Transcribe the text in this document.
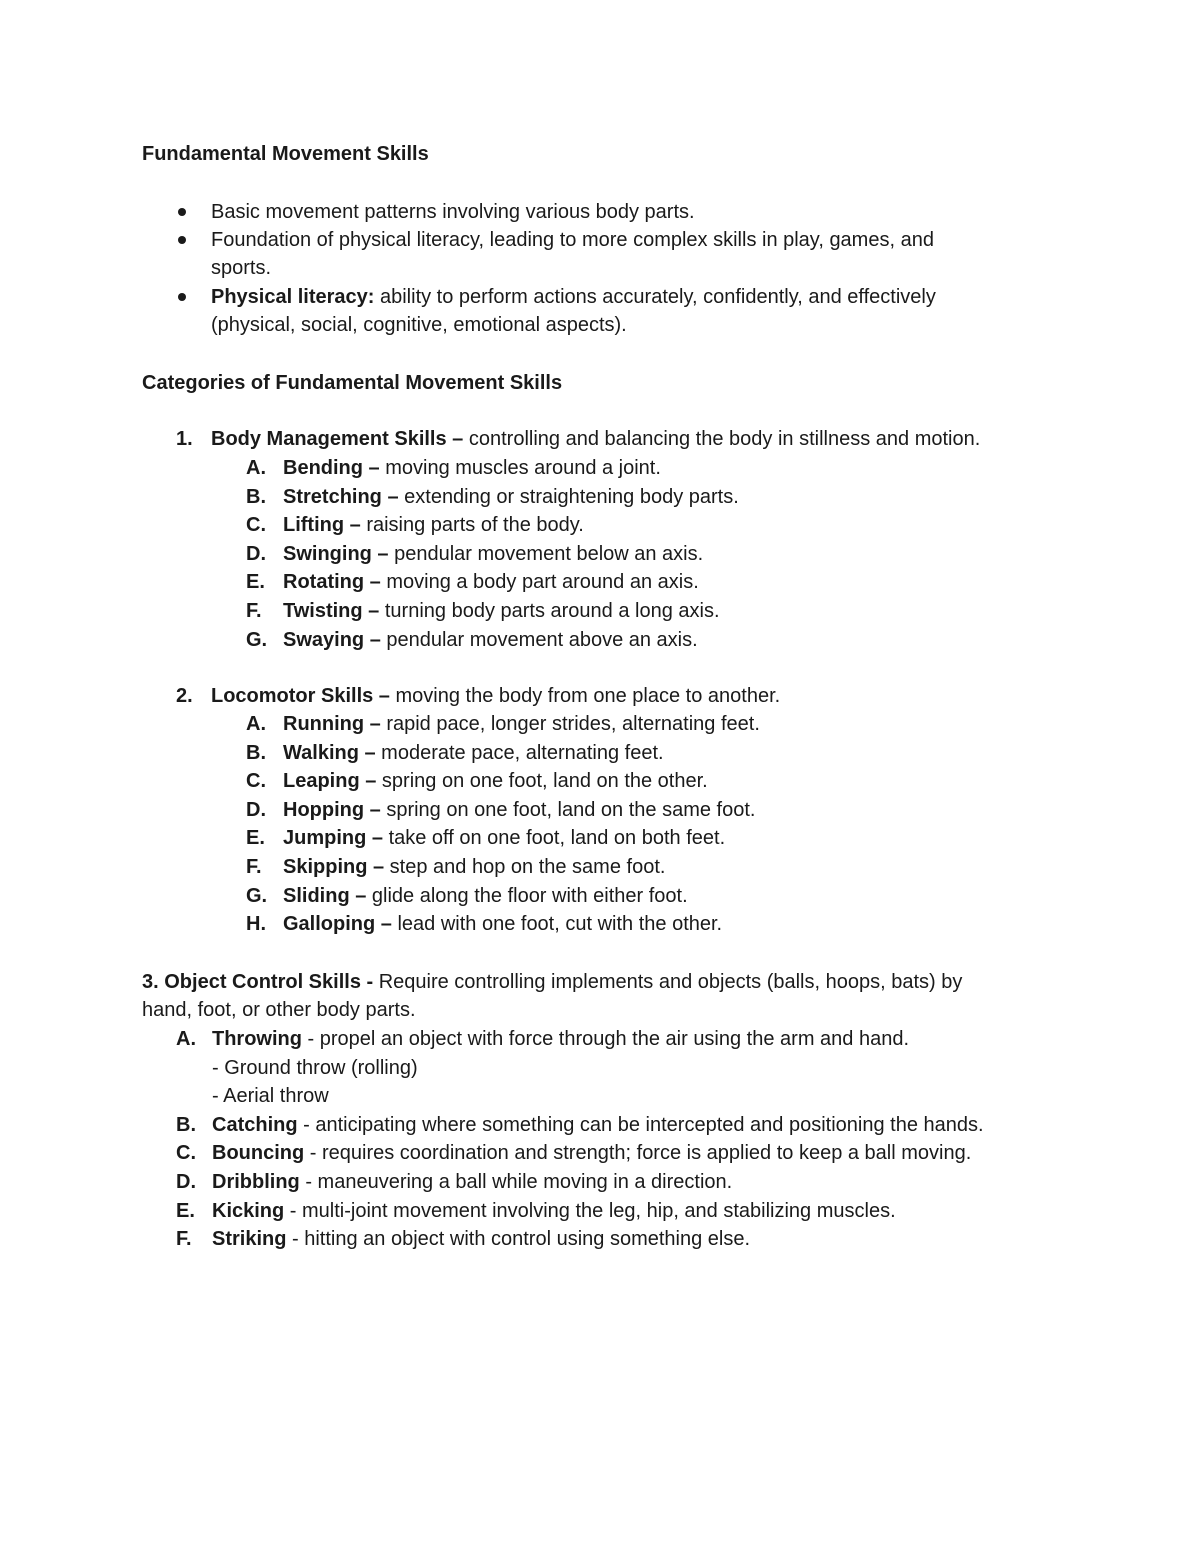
Fundamental Movement Skills
Basic movement patterns involving various body parts.
Foundation of physical literacy, leading to more complex skills in play, games, and
sports.
Physical literacy: ability to perform actions accurately, confidently, and effectively
(physical, social, cognitive, emotional aspects).
Categories of Fundamental Movement Skills
1. Body Management Skills – controlling and balancing the body in stillness and motion.
A. Bending – moving muscles around a joint.
B. Stretching – extending or straightening body parts.
C. Lifting – raising parts of the body.
D. Swinging – pendular movement below an axis.
E. Rotating – moving a body part around an axis.
F. Twisting – turning body parts around a long axis.
G. Swaying – pendular movement above an axis.
2. Locomotor Skills – moving the body from one place to another.
A. Running – rapid pace, longer strides, alternating feet.
B. Walking – moderate pace, alternating feet.
C. Leaping – spring on one foot, land on the other.
D. Hopping – spring on one foot, land on the same foot.
E. Jumping – take off on one foot, land on both feet.
F. Skipping – step and hop on the same foot.
G. Sliding – glide along the floor with either foot.
H. Galloping – lead with one foot, cut with the other.
3. Object Control Skills - Require controlling implements and objects (balls, hoops, bats) by
hand, foot, or other body parts.
A. Throwing - propel an object with force through the air using the arm and hand.
- Ground throw (rolling)
- Aerial throw
B. Catching - anticipating where something can be intercepted and positioning the hands.
C. Bouncing - requires coordination and strength; force is applied to keep a ball moving.
D. Dribbling - maneuvering a ball while moving in a direction.
E. Kicking - multi-joint movement involving the leg, hip, and stabilizing muscles.
F. Striking - hitting an object with control using something else.
